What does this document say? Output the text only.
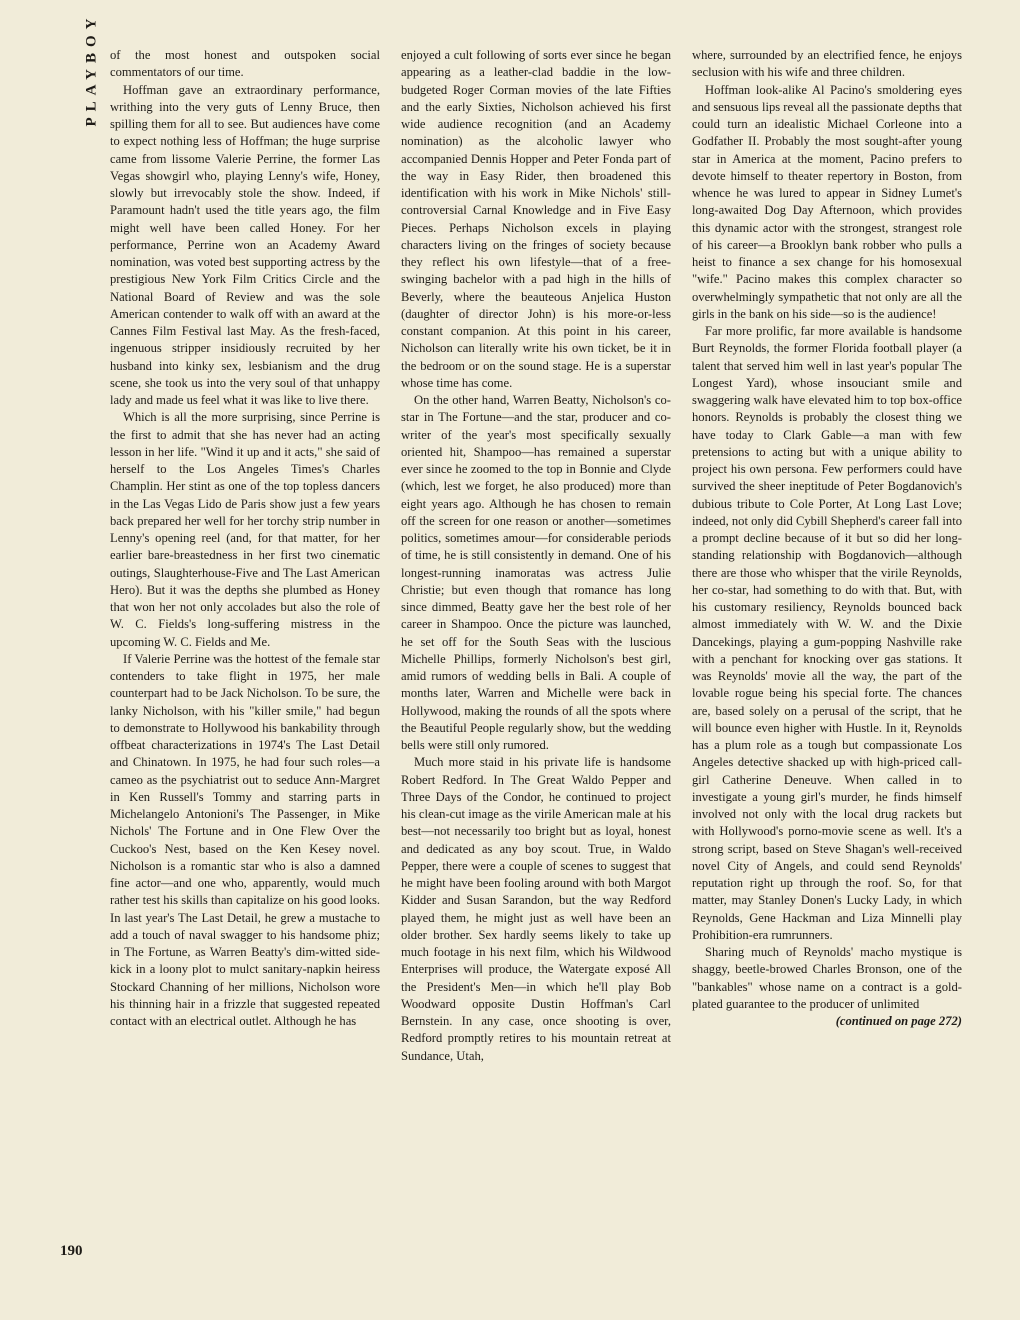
PLAYBOY of the most honest and outspoken social commentators of our time.

Hoffman gave an extraordinary performance, writhing into the very guts of Lenny Bruce, then spilling them for all to see. But audiences have come to expect nothing less of Hoffman; the huge surprise came from lissome Valerie Perrine, the former Las Vegas showgirl who, playing Lenny's wife, Honey, slowly but irrevocably stole the show. Indeed, if Paramount hadn't used the title years ago, the film might well have been called Honey. For her performance, Perrine won an Academy Award nomination, was voted best supporting actress by the prestigious New York Film Critics Circle and the National Board of Review and was the sole American contender to walk off with an award at the Cannes Film Festival last May. As the fresh-faced, ingenuous stripper insidiously recruited by her husband into kinky sex, lesbianism and the drug scene, she took us into the very soul of that unhappy lady and made us feel what it was like to live there.

Which is all the more surprising, since Perrine is the first to admit that she has never had an acting lesson in her life. "Wind it up and it acts," she said of herself to the Los Angeles Times's Charles Champlin. Her stint as one of the top topless dancers in the Las Vegas Lido de Paris show just a few years back prepared her well for her torchy strip number in Lenny's opening reel (and, for that matter, for her earlier bare-breastedness in her first two cinematic outings, Slaughterhouse-Five and The Last American Hero). But it was the depths she plumbed as Honey that won her not only accolades but also the role of W. C. Fields's long-suffering mistress in the upcoming W. C. Fields and Me.

If Valerie Perrine was the hottest of the female star contenders to take flight in 1975, her male counterpart had to be Jack Nicholson. To be sure, the lanky Nicholson, with his "killer smile," had begun to demonstrate to Hollywood his bankability through offbeat characterizations in 1974's The Last Detail and Chinatown. In 1975, he had four such roles—a cameo as the psychiatrist out to seduce Ann-Margret in Ken Russell's Tommy and starring parts in Michelangelo Antonioni's The Passenger, in Mike Nichols' The Fortune and in One Flew Over the Cuckoo's Nest, based on the Ken Kesey novel. Nicholson is a romantic star who is also a damned fine actor—and one who, apparently, would much rather test his skills than capitalize on his good looks. In last year's The Last Detail, he grew a mustache to add a touch of naval swagger to his handsome phiz; in The Fortune, as Warren Beatty's dim-witted side-kick in a loony plot to mulct sanitary-napkin heiress Stockard Channing of her millions, Nicholson wore his thinning hair in a frizzle that suggested repeated contact with an electrical outlet. Although he has

enjoyed a cult following of sorts ever since he began appearing as a leather-clad baddie in the low-budgeted Roger Corman movies of the late Fifties and the early Sixties, Nicholson achieved his first wide audience recognition (and an Academy nomination) as the alcoholic lawyer who accompanied Dennis Hopper and Peter Fonda part of the way in Easy Rider, then broadened this identification with his work in Mike Nichols' still-controversial Carnal Knowledge and in Five Easy Pieces. Perhaps Nicholson excels in playing characters living on the fringes of society because they reflect his own lifestyle—that of a free-swinging bachelor with a pad high in the hills of Beverly, where the beauteous Anjelica Huston (daughter of director John) is his more-or-less constant companion. At this point in his career, Nicholson can literally write his own ticket, be it in the bedroom or on the sound stage. He is a superstar whose time has come.

On the other hand, Warren Beatty, Nicholson's co-star in The Fortune—and the star, producer and co-writer of the year's most specifically sexually oriented hit, Shampoo—has remained a superstar ever since he zoomed to the top in Bonnie and Clyde (which, lest we forget, he also produced) more than eight years ago. Although he has chosen to remain off the screen for one reason or another—sometimes politics, sometimes amour—for considerable periods of time, he is still consistently in demand. One of his longest-running inamoratas was actress Julie Christie; but even though that romance has long since dimmed, Beatty gave her the best role of her career in Shampoo. Once the picture was launched, he set off for the South Seas with the luscious Michelle Phillips, formerly Nicholson's best girl, amid rumors of wedding bells in Bali. A couple of months later, Warren and Michelle were back in Hollywood, making the rounds of all the spots where the Beautiful People regularly show, but the wedding bells were still only rumored.

Much more staid in his private life is handsome Robert Redford. In The Great Waldo Pepper and Three Days of the Condor, he continued to project his clean-cut image as the virile American male at his best—not necessarily too bright but as loyal, honest and dedicated as any boy scout. True, in Waldo Pepper, there were a couple of scenes to suggest that he might have been fooling around with both Margot Kidder and Susan Sarandon, but the way Redford played them, he might just as well have been an older brother. Sex hardly seems likely to take up much footage in his next film, which his Wildwood Enterprises will produce, the Watergate exposé All the President's Men—in which he'll play Bob Woodward opposite Dustin Hoffman's Carl Bernstein. In any case, once shooting is over, Redford promptly retires to his mountain retreat at Sundance, Utah,

where, surrounded by an electrified fence, he enjoys seclusion with his wife and three children.

Hoffman look-alike Al Pacino's smoldering eyes and sensuous lips reveal all the passionate depths that could turn an idealistic Michael Corleone into a Godfather II. Probably the most sought-after young star in America at the moment, Pacino prefers to devote himself to theater repertory in Boston, from whence he was lured to appear in Sidney Lumet's long-awaited Dog Day Afternoon, which provides this dynamic actor with the strongest, strangest role of his career—a Brooklyn bank robber who pulls a heist to finance a sex change for his homosexual "wife." Pacino makes this complex character so overwhelmingly sympathetic that not only are all the girls in the bank on his side—so is the audience!

Far more prolific, far more available is handsome Burt Reynolds, the former Florida football player (a talent that served him well in last year's popular The Longest Yard), whose insouciant smile and swaggering walk have elevated him to top box-office honors. Reynolds is probably the closest thing we have today to Clark Gable—a man with few pretensions to acting but with a unique ability to project his own persona. Few performers could have survived the sheer ineptitude of Peter Bogdanovich's dubious tribute to Cole Porter, At Long Last Love; indeed, not only did Cybill Shepherd's career fall into a prompt decline because of it but so did her long-standing relationship with Bogdanovich—although there are those who whisper that the virile Reynolds, her co-star, had something to do with that. But, with his customary resiliency, Reynolds bounced back almost immediately with W. W. and the Dixie Dancekings, playing a gum-popping Nashville rake with a penchant for knocking over gas stations. It was Reynolds' movie all the way, the part of the lovable rogue being his special forte. The chances are, based solely on a perusal of the script, that he will bounce even higher with Hustle. In it, Reynolds has a plum role as a tough but compassionate Los Angeles detective shacked up with high-priced call-girl Catherine Deneuve. When called in to investigate a young girl's murder, he finds himself involved not only with the local drug rackets but with Hollywood's porno-movie scene as well. It's a strong script, based on Steve Shagan's well-received novel City of Angels, and could send Reynolds' reputation right up through the roof. So, for that matter, may Stanley Donen's Lucky Lady, in which Reynolds, Gene Hackman and Liza Minnelli play Prohibition-era rumrunners.

Sharing much of Reynolds' macho mystique is shaggy, beetle-browed Charles Bronson, one of the "bankables" whose name on a contract is a gold-plated guarantee to the producer of unlimited

(continued on page 272)

190
